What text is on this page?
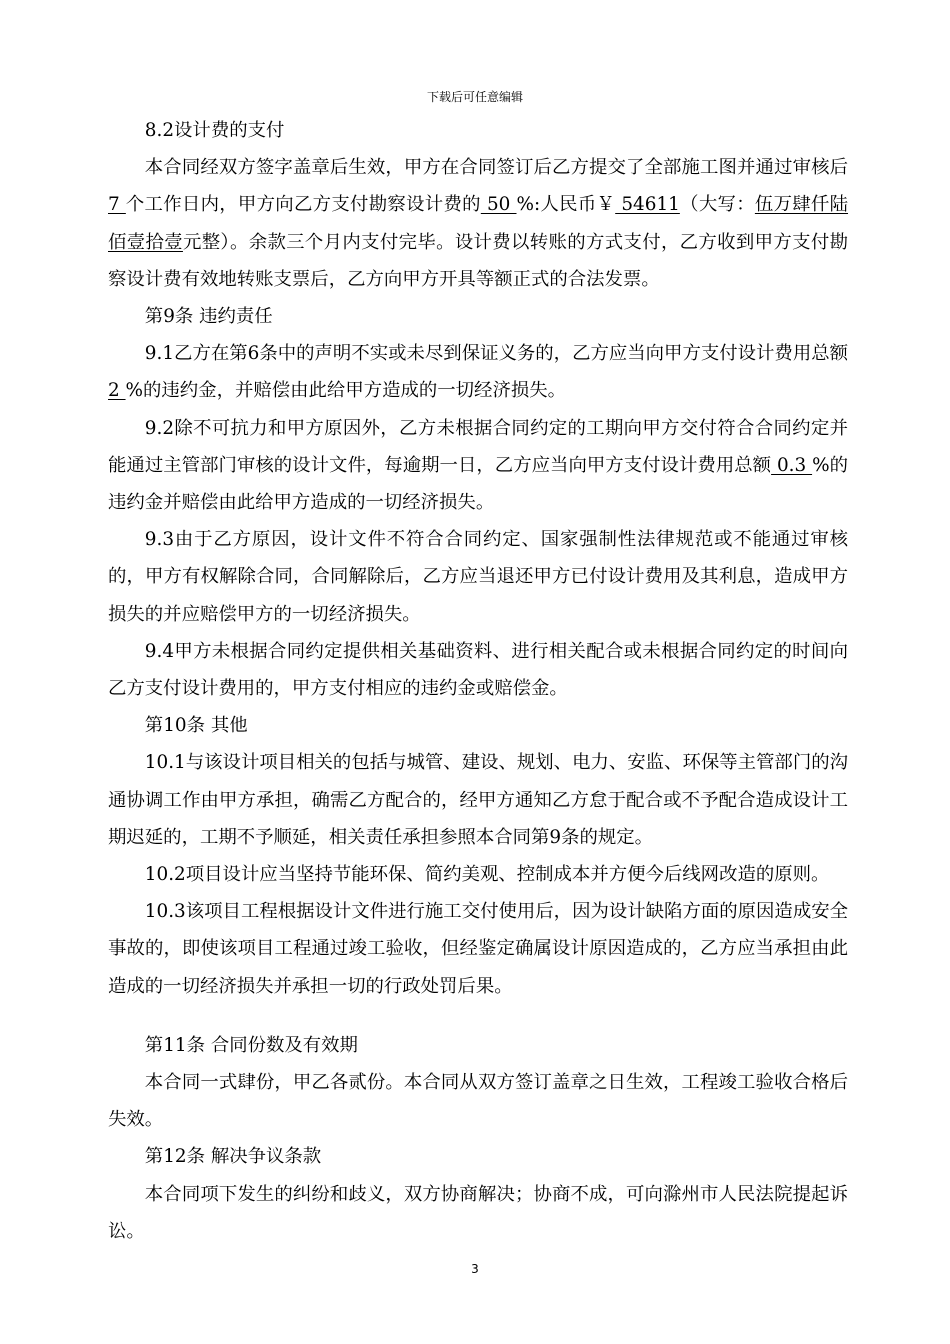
下载后可任意编辑

8.2设计费的支付

本合同经双方签字盖章后生效，甲方在合同签订后乙方提交了全部施工图并通过审核后 7 个工作日内，甲方向乙方支付勘察设计费的 50 %:人民币￥ 54611（大写：伍万肆仟陆佰壹拾壹元整）。余款三个月内支付完毕。设计费以转账的方式支付，乙方收到甲方支付勘察设计费有效地转账支票后，乙方向甲方开具等额正式的合法发票。

第9条 违约责任

9.1乙方在第6条中的声明不实或未尽到保证义务的，乙方应当向甲方支付设计费用总额 2 %的违约金，并赔偿由此给甲方造成的一切经济损失。

9.2除不可抗力和甲方原因外，乙方未根据合同约定的工期向甲方交付符合合同约定并能通过主管部门审核的设计文件，每逾期一日，乙方应当向甲方支付设计费用总额 0.3 %的违约金并赔偿由此给甲方造成的一切经济损失。

9.3由于乙方原因，设计文件不符合合同约定、国家强制性法律规范或不能通过审核的，甲方有权解除合同，合同解除后，乙方应当退还甲方已付设计费用及其利息，造成甲方损失的并应赔偿甲方的一切经济损失。

9.4甲方未根据合同约定提供相关基础资料、进行相关配合或未根据合同约定的时间向乙方支付设计费用的，甲方支付相应的违约金或赔偿金。

第10条 其他

10.1与该设计项目相关的包括与城管、建设、规划、电力、安监、环保等主管部门的沟通协调工作由甲方承担，确需乙方配合的，经甲方通知乙方怠于配合或不予配合造成设计工期迟延的，工期不予顺延，相关责任承担参照本合同第9条的规定。

10.2项目设计应当坚持节能环保、简约美观、控制成本并方便今后线网改造的原则。

10.3该项目工程根据设计文件进行施工交付使用后，因为设计缺陷方面的原因造成安全事故的，即使该项目工程通过竣工验收，但经鉴定确属设计原因造成的，乙方应当承担由此造成的一切经济损失并承担一切的行政处罚后果。

第11条 合同份数及有效期

本合同一式肆份，甲乙各贰份。本合同从双方签订盖章之日生效，工程竣工验收合格后失效。

第12条 解决争议条款

本合同项下发生的纠纷和歧义，双方协商解决；协商不成，可向滁州市人民法院提起诉讼。

3
